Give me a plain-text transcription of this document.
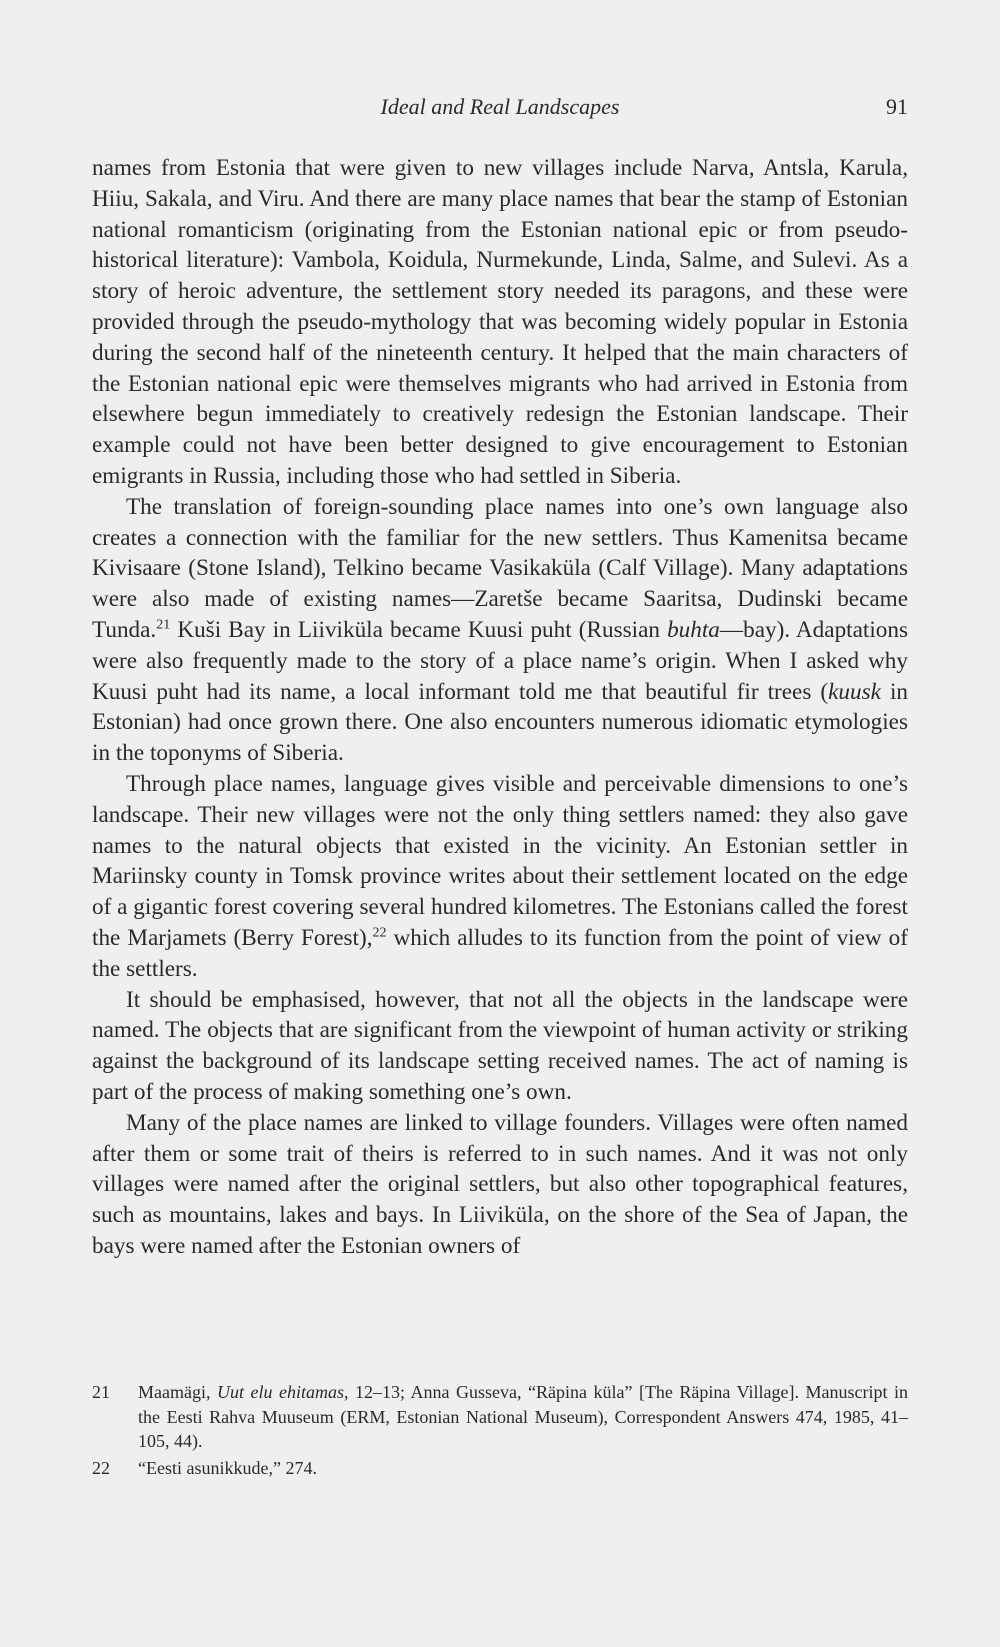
Ideal and Real Landscapes	91

names from Estonia that were given to new villages include Narva, Antsla, Karula, Hiiu, Sakala, and Viru. And there are many place names that bear the stamp of Estonian national romanticism (originating from the Estonian national epic or from pseudo-historical literature): Vambola, Koidula, Nurmekunde, Linda, Salme, and Sulevi. As a story of heroic adventure, the settlement story needed its paragons, and these were provided through the pseudo-mythology that was becoming widely popular in Estonia during the second half of the nineteenth century. It helped that the main characters of the Estonian national epic were themselves migrants who had arrived in Estonia from elsewhere begun immediately to creatively redesign the Estonian landscape. Their example could not have been better designed to give encouragement to Estonian emigrants in Russia, including those who had settled in Siberia.

The translation of foreign-sounding place names into one’s own language also creates a connection with the familiar for the new settlers. Thus Kamenitsa became Kivisaare (Stone Island), Telkino became Vasikaküla (Calf Village). Many adaptations were also made of existing names—Zaretše became Saaritsa, Dudinski became Tunda.$^{21}$ Kuši Bay in Liiviküla became Kuusi puht (Russian buhta—bay). Adaptations were also frequently made to the story of a place name’s origin. When I asked why Kuusi puht had its name, a local informant told me that beautiful fir trees (kuusk in Estonian) had once grown there. One also encounters numerous idiomatic etymologies in the toponyms of Siberia.

Through place names, language gives visible and perceivable dimensions to one’s landscape. Their new villages were not the only thing settlers named: they also gave names to the natural objects that existed in the vicinity. An Estonian settler in Mariinsky county in Tomsk province writes about their settlement located on the edge of a gigantic forest covering several hundred kilometres. The Estonians called the forest the Marjamets (Berry Forest),$^{22}$ which alludes to its function from the point of view of the settlers.

It should be emphasised, however, that not all the objects in the landscape were named. The objects that are significant from the viewpoint of human activity or striking against the background of its landscape setting received names. The act of naming is part of the process of making something one’s own.

Many of the place names are linked to village founders. Villages were often named after them or some trait of theirs is referred to in such names. And it was not only villages were named after the original settlers, but also other topographical features, such as mountains, lakes and bays. In Liiviküla, on the shore of the Sea of Japan, the bays were named after the Estonian owners of

21	Maamägi, Uut elu ehitamas, 12–13; Anna Gusseva, “Räpina küla” [The Räpina Village]. Manuscript in the Eesti Rahva Muuseum (ERM, Estonian National Museum), Correspondent Answers 474, 1985, 41–105, 44).
22	“Eesti asunikkude,” 274.
